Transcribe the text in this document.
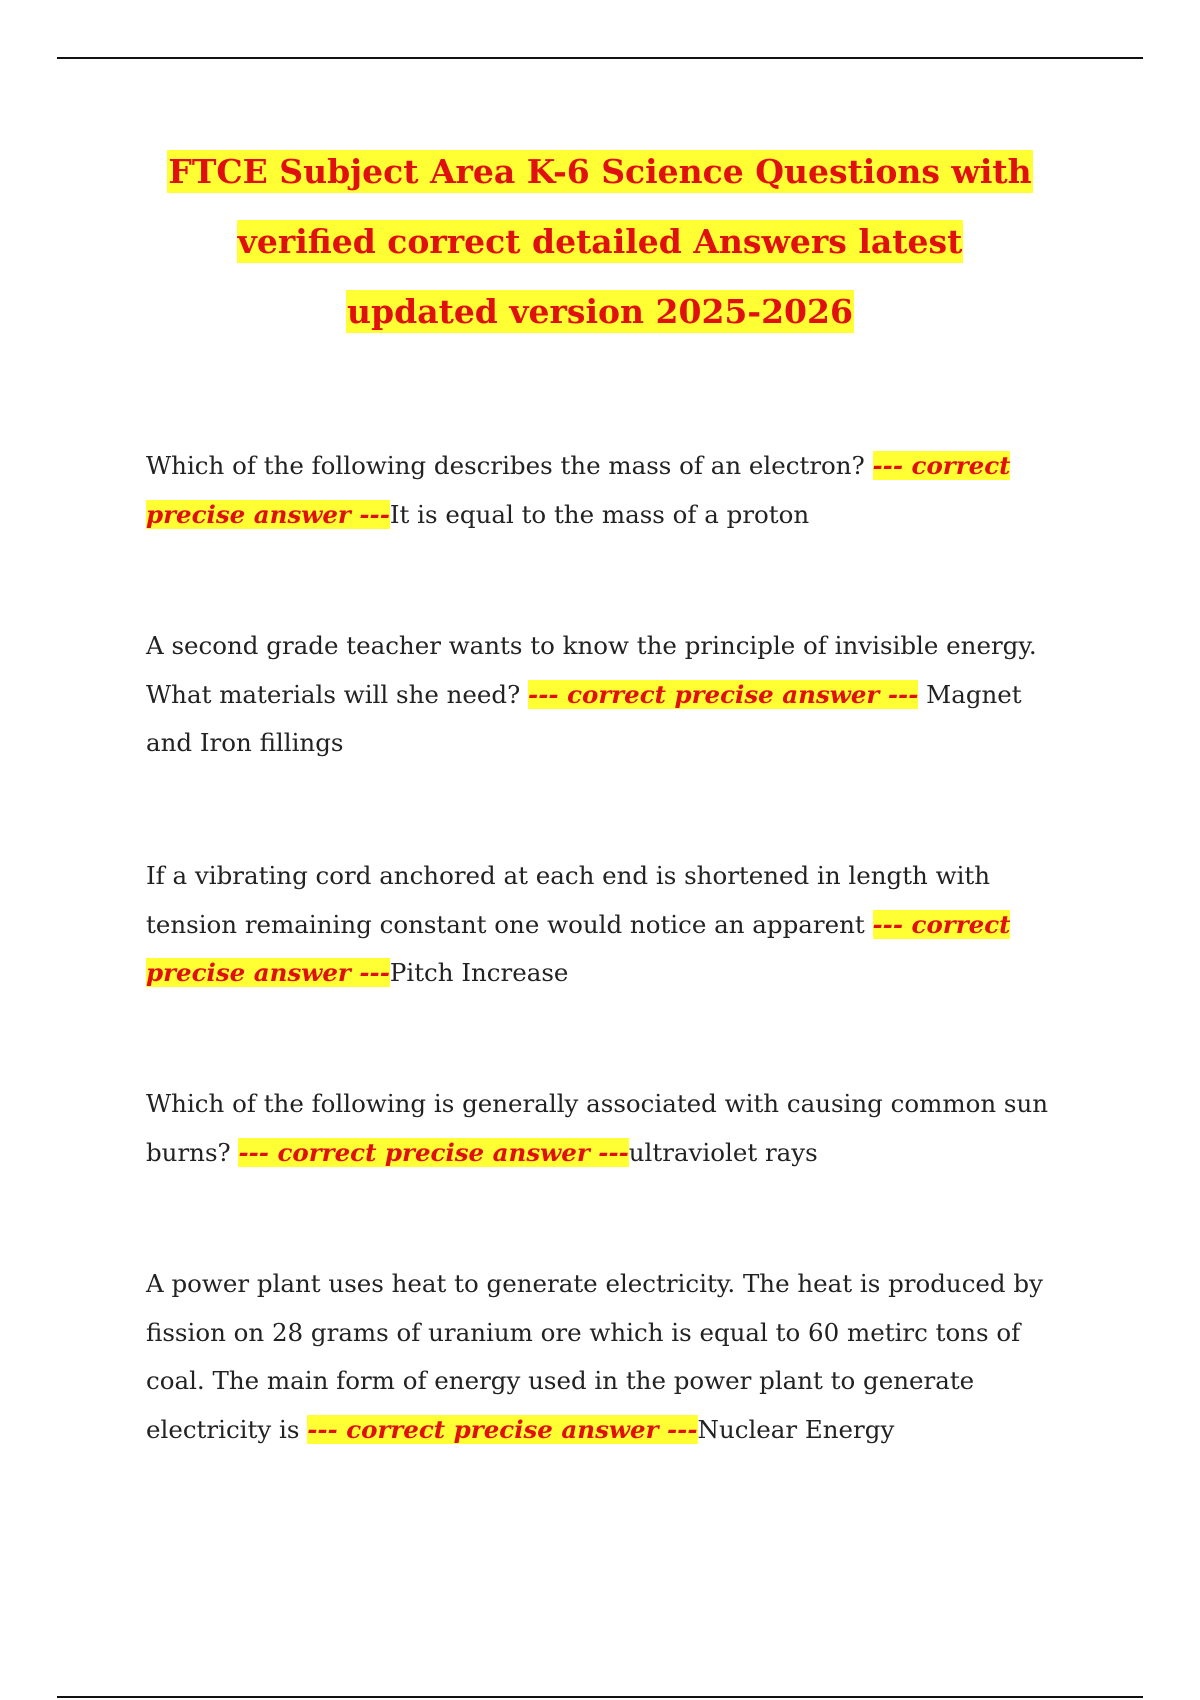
FTCE Subject Area K-6 Science Questions with
verified correct detailed Answers latest
updated version 2025-2026

Which of the following describes the mass of an electron? --- correct precise answer ---It is equal to the mass of a proton

A second grade teacher wants to know the principle of invisible energy. What materials will she need? --- correct precise answer --- Magnet and Iron fillings

If a vibrating cord anchored at each end is shortened in length with tension remaining constant one would notice an apparent --- correct precise answer ---Pitch Increase

Which of the following is generally associated with causing common sun burns? --- correct precise answer ---ultraviolet rays

A power plant uses heat to generate electricity. The heat is produced by fission on 28 grams of uranium ore which is equal to 60 metirc tons of coal. The main form of energy used in the power plant to generate electricity is --- correct precise answer ---Nuclear Energy
